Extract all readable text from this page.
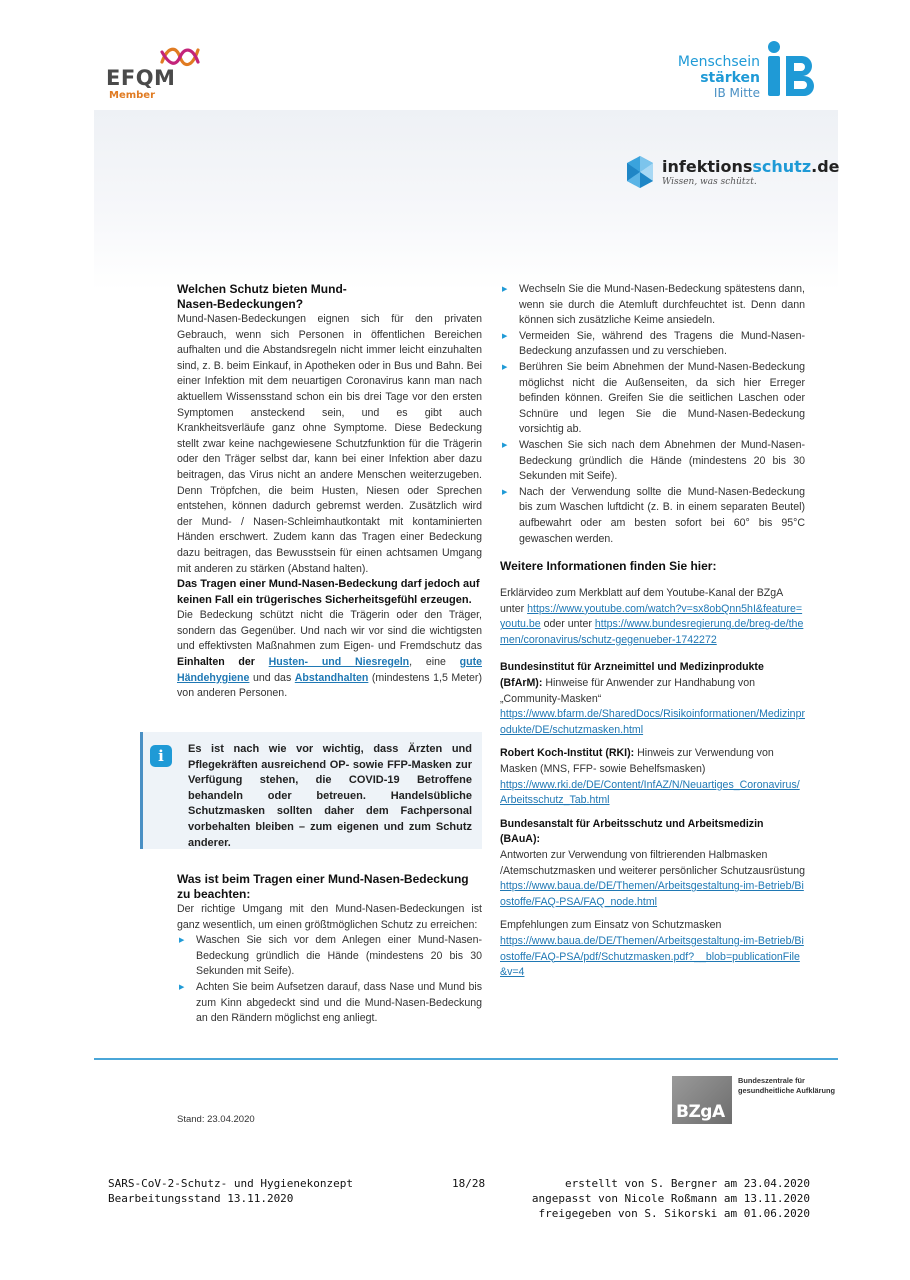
EFQM
Member
Menschsein
stärken
IB Mitte
infektionsschutz.de
Wissen, was schützt.
Welchen Schutz bieten Mund-Nasen-Bedeckungen?

Mund-Nasen-Bedeckungen eignen sich für den privaten Gebrauch, wenn sich Personen in öffentlichen Bereichen aufhalten und die Abstandsregeln nicht immer leicht einzuhalten sind, z. B. beim Einkauf, in Apotheken oder in Bus und Bahn. Bei einer Infektion mit dem neuartigen Coronavirus kann man nach aktuellem Wissensstand schon ein bis drei Tage vor den ersten Symptomen ansteckend sein, und es gibt auch Krankheitsverläufe ganz ohne Symptome. Diese Bedeckung stellt zwar keine nachgewiesene Schutzfunktion für die Trägerin oder den Träger selbst dar, kann bei einer Infektion aber dazu beitragen, das Virus nicht an andere Menschen weiterzugeben. Denn Tröpfchen, die beim Husten, Niesen oder Sprechen entstehen, können dadurch gebremst werden. Zusätzlich wird der Mund- / Nasen-Schleimhautkontakt mit kontaminierten Händen erschwert. Zudem kann das Tragen einer Bedeckung dazu beitragen, das Bewusstsein für einen achtsamen Umgang mit anderen zu stärken (Abstand halten).

Das Tragen einer Mund-Nasen-Bedeckung darf jedoch auf keinen Fall ein trügerisches Sicherheitsgefühl erzeugen.

Die Bedeckung schützt nicht die Trägerin oder den Träger, sondern das Gegenüber. Und nach wir vor sind die wichtigsten und effektivsten Maßnahmen zum Eigen- und Fremdschutz das Einhalten der Husten- und Niesregeln, eine gute Händehygiene und das Abstandhalten (mindestens 1,5 Meter) von anderen Personen.

i	Es ist nach wie vor wichtig, dass Ärzten und Pflegekräften ausreichend OP- sowie FFP-Masken zur Verfügung stehen, die COVID-19 Betroffene behandeln oder betreuen. Handelsübliche Schutzmasken sollten daher dem Fachpersonal vorbehalten bleiben – zum eigenen und zum Schutz anderer.
Was ist beim Tragen einer Mund-Nasen-Bedeckung zu beachten:

Der richtige Umgang mit den Mund-Nasen-Bedeckungen ist ganz wesentlich, um einen größtmöglichen Schutz zu erreichen:

▶ Waschen Sie sich vor dem Anlegen einer Mund-Nasen-Bedeckung gründlich die Hände (mindestens 20 bis 30 Sekunden mit Seife).
▶ Achten Sie beim Aufsetzen darauf, dass Nase und Mund bis zum Kinn abgedeckt sind und die Mund-Nasen-Bedeckung an den Rändern möglichst eng anliegt.
▶ Wechseln Sie die Mund-Nasen-Bedeckung spätestens dann, wenn sie durch die Atemluft durchfeuchtet ist. Denn dann können sich zusätzliche Keime ansiedeln.
▶ Vermeiden Sie, während des Tragens die Mund-Nasen-Bedeckung anzufassen und zu verschieben.
▶ Berühren Sie beim Abnehmen der Mund-Nasen-Bedeckung möglichst nicht die Außenseiten, da sich hier Erreger befinden können. Greifen Sie die seitlichen Laschen oder Schnüre und legen Sie die Mund-Nasen-Bedeckung vorsichtig ab.
▶ Waschen Sie sich nach dem Abnehmen der Mund-Nasen-Bedeckung gründlich die Hände (mindestens 20 bis 30 Sekunden mit Seife).
▶ Nach der Verwendung sollte die Mund-Nasen-Bedeckung bis zum Waschen luftdicht (z. B. in einem separaten Beutel) aufbewahrt oder am besten sofort bei 60° bis 95°C gewaschen werden.
Weitere Informationen finden Sie hier:

Erklärvideo zum Merkblatt auf dem Youtube-Kanal der BZgA unter https://www.youtube.com/watch?v=sx8obQnn5hI&feature=youtu.be oder unter https://www.bundesregierung.de/breg-de/themen/coronavirus/schutz-gegenueber-1742272

Bundesinstitut für Arzneimittel und Medizinprodukte (BfArM): Hinweise für Anwender zur Handhabung von „Community-Masken“
https://www.bfarm.de/SharedDocs/Risikoinformationen/Medizinprodukte/DE/schutzmasken.html

Robert Koch-Institut (RKI): Hinweis zur Verwendung von Masken (MNS, FFP- sowie Behelfsmasken)
https://www.rki.de/DE/Content/InfAZ/N/Neuartiges_Coronavirus/Arbeitsschutz_Tab.html

Bundesanstalt für Arbeitsschutz und Arbeitsmedizin (BAuA):
Antworten zur Verwendung von filtrierenden Halbmasken /Atemschutzmasken und weiterer persönlicher Schutzausrüstung
https://www.baua.de/DE/Themen/Arbeitsgestaltung-im-Betrieb/Biostoffe/FAQ-PSA/FAQ_node.html

Empfehlungen zum Einsatz von Schutzmasken
https://www.baua.de/DE/Themen/Arbeitsgestaltung-im-Betrieb/Biostoffe/FAQ-PSA/pdf/Schutzmasken.pdf?__blob=publicationFile&v=4

Stand: 23.04.2020	BZgA
Bundeszentrale für gesundheitliche Aufklärung
SARS-CoV-2-Schutz- und Hygienekonzept
Bearbeitungsstand 13.11.2020
18/28	erstellt von S. Bergner am 23.04.2020
angepasst von Nicole Roßmann am 13.11.2020
freigegeben von S. Sikorski am 01.06.2020
